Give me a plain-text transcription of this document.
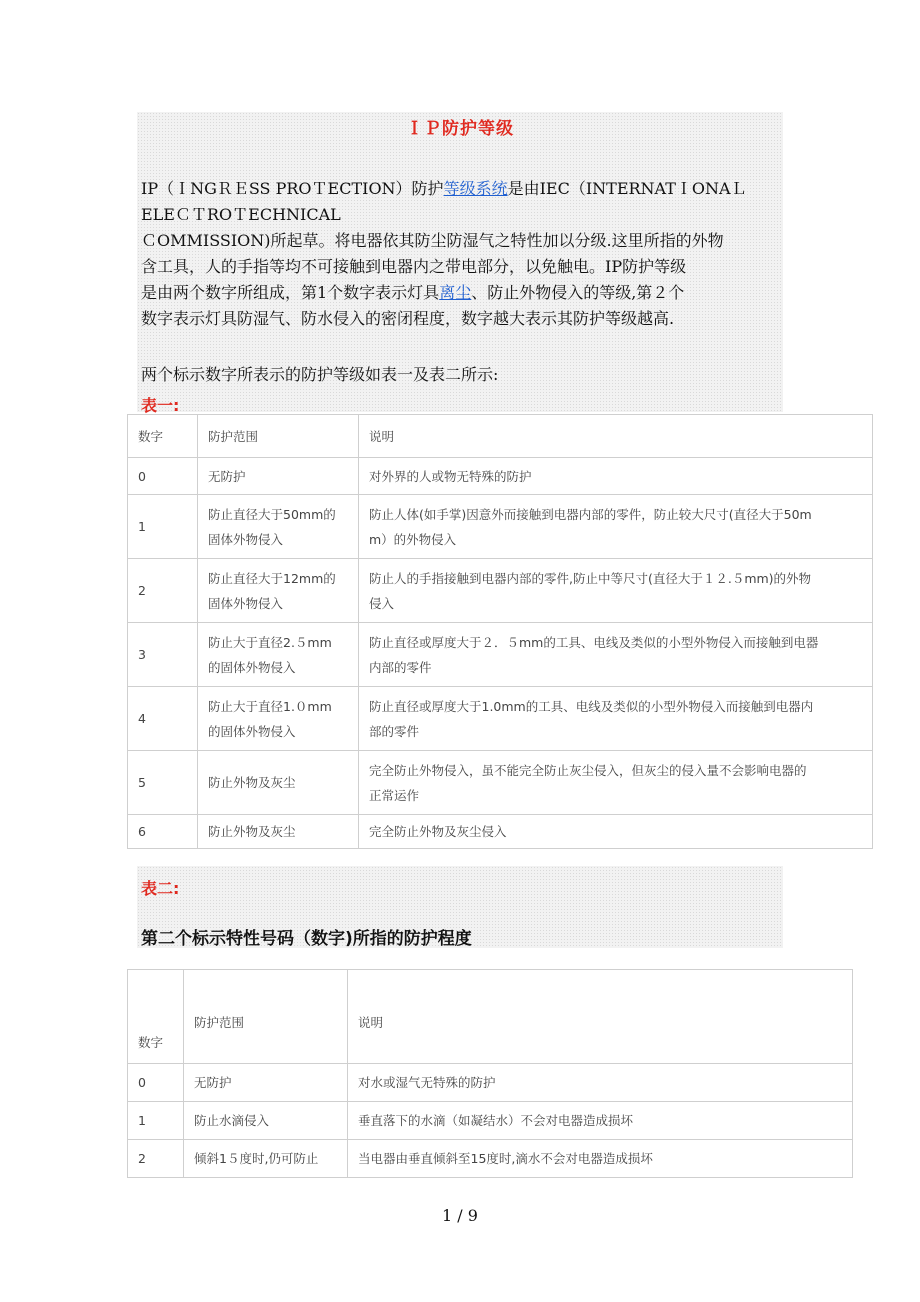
ＩＰ防护等级

IP（ＩNGＲＥSS PROＴECTION）防护等级系统是由IEC（INTERNATＩONAＬ
ELEＣＴROＴECHNICAL
ＣOMMISSION)所起草。将电器依其防尘防湿气之特性加以分级.这里所指的外物
含工具，人的手指等均不可接触到电器内之带电部分，以免触电。IP防护等级
是由两个数字所组成，第1个数字表示灯具离尘、防止外物侵入的等级,第２个
数字表示灯具防湿气、防水侵入的密闭程度，数字越大表示其防护等级越高.

两个标示数字所表示的防护等级如表一及表二所示:

表一:
数字	防护范围	说明
0	无防护	对外界的人或物无特殊的防护
1	防止直径大于50mm的
固体外物侵入	防止人体(如手掌)因意外而接触到电器内部的零件，防止较大尺寸(直径大于50m
m）的外物侵入
2	防止直径大于12mm的
固体外物侵入	防止人的手指接触到电器内部的零件,防止中等尺寸(直径大于１２.５mm)的外物
侵入
3	防止大于直径2.５mm
的固体外物侵入	防止直径或厚度大于２．５mm的工具、电线及类似的小型外物侵入而接触到电器
内部的零件
4	防止大于直径1.０mm
的固体外物侵入	防止直径或厚度大于1.0mm的工具、电线及类似的小型外物侵入而接触到电器内
部的零件
5	防止外物及灰尘	完全防止外物侵入，虽不能完全防止灰尘侵入，但灰尘的侵入量不会影响电器的
正常运作
6	防止外物及灰尘	完全防止外物及灰尘侵入
表二:
第二个标示特性号码（数字)所指的防护程度
数字	防护范围	说明
0	无防护	对水或湿气无特殊的防护
1	防止水滴侵入	垂直落下的水滴（如凝结水）不会对电器造成损坏
2	倾斜1５度时,仍可防止	当电器由垂直倾斜至15度时,滴水不会对电器造成损坏
1 / 9
